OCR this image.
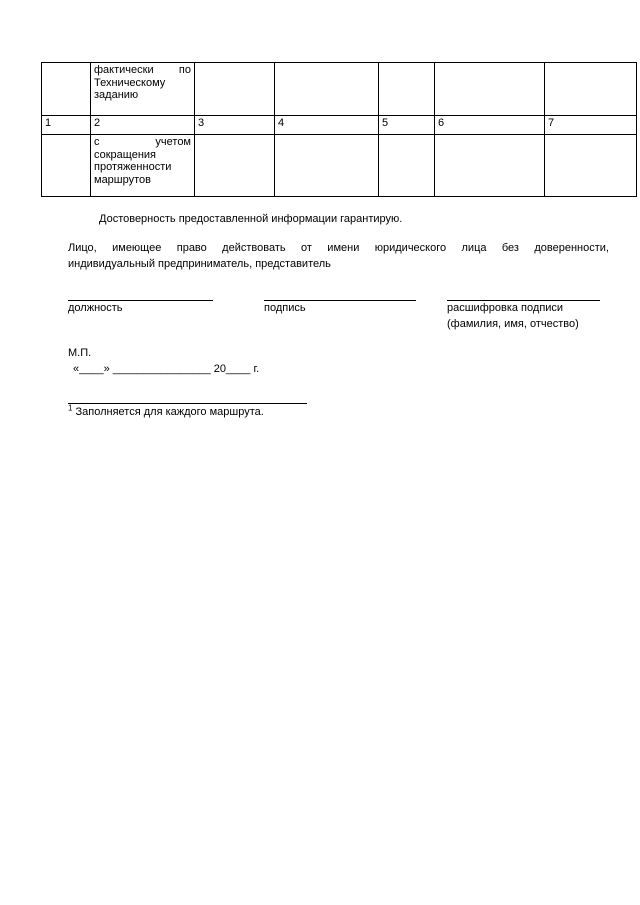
	фактически по
Техническому
заданию					

1	2	3	4	5	6	7

	с учетом
сокращения
протяженности
маршрутов					

Достоверность предоставленной информации гарантирую.
Лицо, имеющее право действовать от имени юридического лица без доверенности,
индивидуальный предприниматель, представитель
должность	подпись	расшифровка подписи
(фамилия, имя, отчество)
М.П.
«____» ________________ 20____ г.
$^1$ Заполняется для каждого маршрута.
